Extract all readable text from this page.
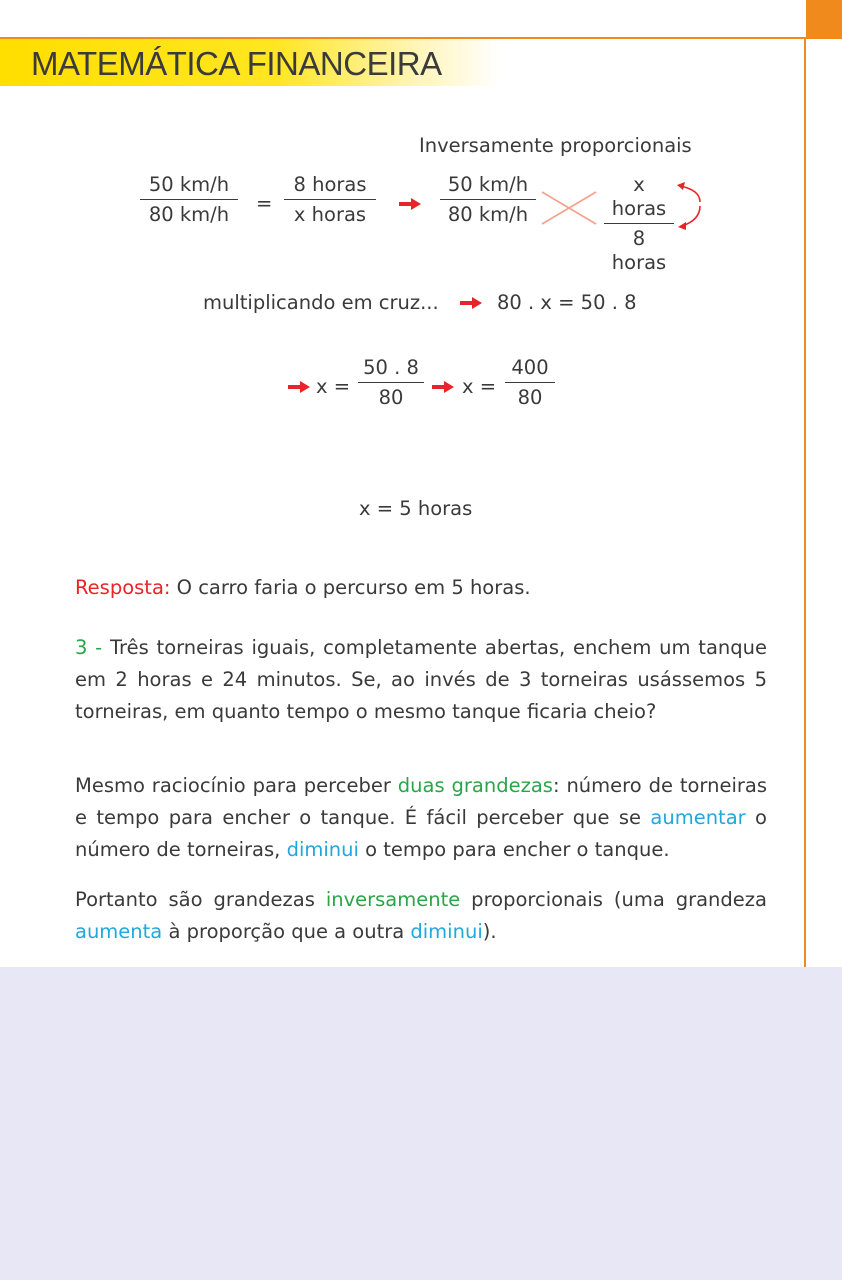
MATEMÁTICA FINANCEIRA
Inversamente proporcionais
$\frac{50 km/h}{80 km/h}$ =
8 horas
x horas	$\frac{50 km/h}{80 km/h}$	x horas
8 horas
multiplicando em cruz...	80 . x = 50 . 8
$x = \frac{50 . 8}{80}$ $x = \frac{400}{80}$
x = 5 horas
Resposta: O carro faria o percurso em 5 horas.
3 - Três torneiras iguais, completamente abertas, enchem um tanque em 2 horas e 24 minutos. Se, ao invés de 3 torneiras usássemos 5 torneiras, em quanto tempo o mesmo tanque ficaria cheio?
Mesmo raciocínio para perceber duas grandezas: número de torneiras e tempo para encher o tanque. É fácil perceber que se aumentar o número de torneiras, diminui o tempo para encher o tanque.
Portanto são grandezas inversamente proporcionais (uma grandeza aumenta à proporção que a outra diminui).
